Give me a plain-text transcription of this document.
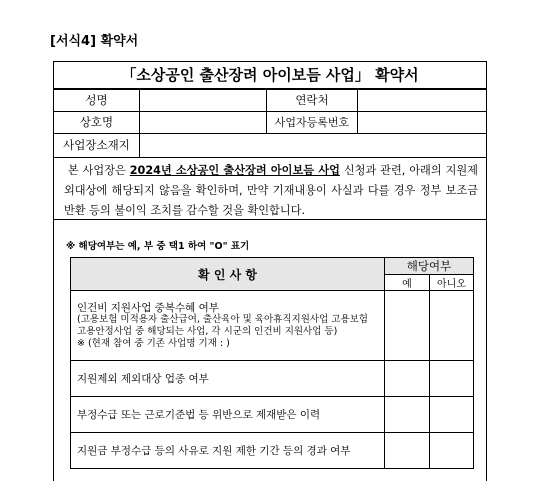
[서식4] 확약서
「소상공인 출산장려 아이보듬 사업」 확약서
성명	연락처
상호명	사업자등록번호
사업장소재지
본 사업장은 2024년 소상공인 출산장려 아이보듬 사업 신청과 관련, 아래의 지원제외대상에 해당되지 않음을 확인하며, 만약 기재내용이 사실과 다를 경우 정부 보조금 반환 등의 불이익 조치를 감수할 것을 확인합니다.
※ 해당여부는 예, 부 중 택1 하여 "O" 표기
확 인 사 항	해당여부	
	예	아니오
인건비 지원사업 중복수혜 여부
(고용보험 미적용자 출산급여, 출산육아 및 육아휴직지원사업 고용보험
고용안정사업 중 해당되는 사업, 각 시군의 인건비 지원사업 등)
※ (현재 참여 중 기존 사업명 기재 : )		

지원제외 제외대상 업종 여부		
부정수급 또는 근로기준법 등 위반으로 제재받은 이력		
지원금 부정수급 등의 사유로 지원 제한 기간 등의 경과 여부		
